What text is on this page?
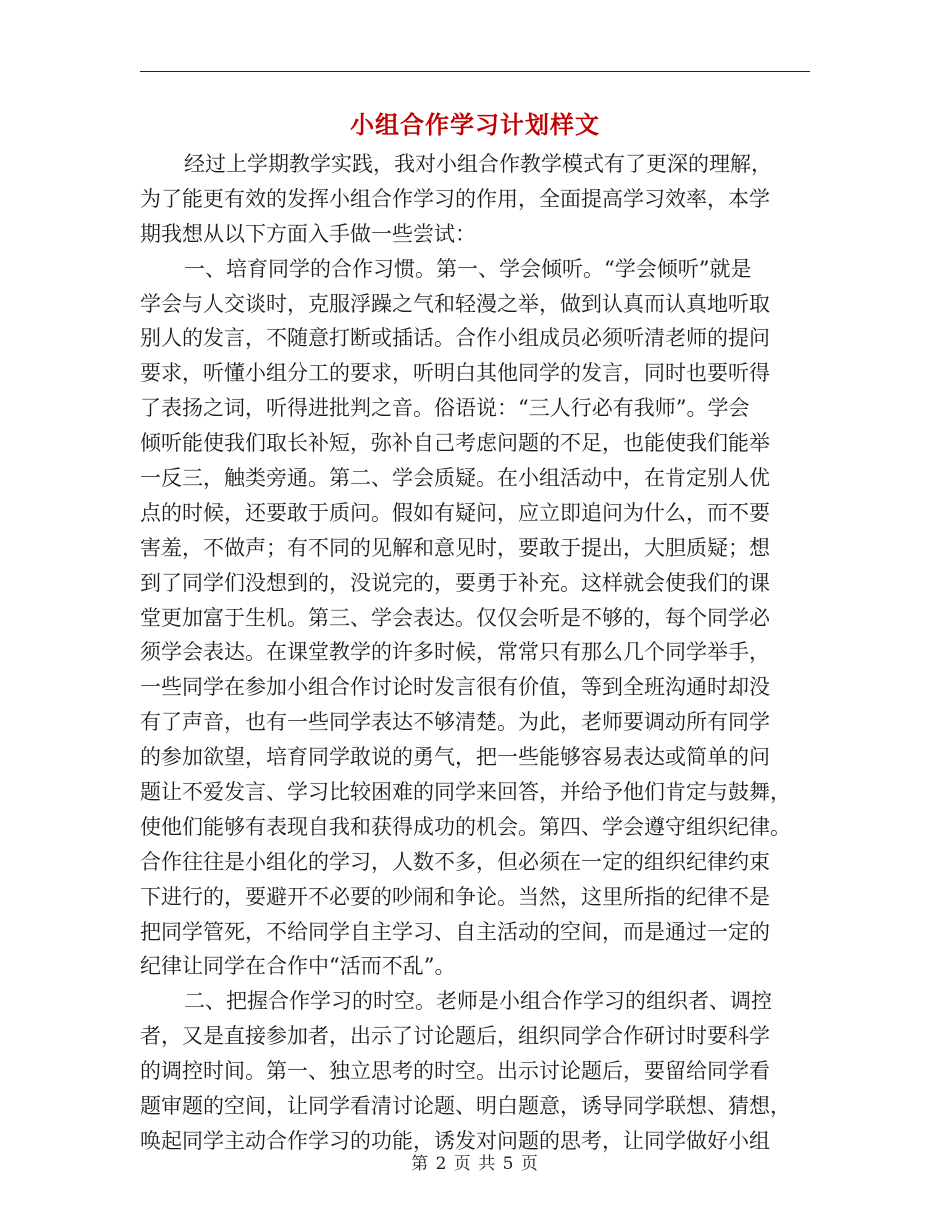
小组合作学习计划样文
经过上学期教学实践，我对小组合作教学模式有了更深的理解，
为了能更有效的发挥小组合作学习的作用，全面提高学习效率，本学
期我想从以下方面入手做一些尝试：
一、培育同学的合作习惯。第一、学会倾听。“学会倾听”就是
学会与人交谈时，克服浮躁之气和轻漫之举，做到认真而认真地听取
别人的发言，不随意打断或插话。合作小组成员必须听清老师的提问
要求，听懂小组分工的要求，听明白其他同学的发言，同时也要听得
了表扬之词，听得进批判之音。俗语说：“三人行必有我师”。学会
倾听能使我们取长补短，弥补自己考虑问题的不足，也能使我们能举
一反三，触类旁通。第二、学会质疑。在小组活动中，在肯定别人优
点的时候，还要敢于质问。假如有疑问，应立即追问为什么，而不要
害羞，不做声；有不同的见解和意见时，要敢于提出，大胆质疑；想
到了同学们没想到的，没说完的，要勇于补充。这样就会使我们的课
堂更加富于生机。第三、学会表达。仅仅会听是不够的，每个同学必
须学会表达。在课堂教学的许多时候，常常只有那么几个同学举手，
一些同学在参加小组合作讨论时发言很有价值，等到全班沟通时却没
有了声音，也有一些同学表达不够清楚。为此，老师要调动所有同学
的参加欲望，培育同学敢说的勇气，把一些能够容易表达或简单的问
题让不爱发言、学习比较困难的同学来回答，并给予他们肯定与鼓舞，
使他们能够有表现自我和获得成功的机会。第四、学会遵守组织纪律。
合作往往是小组化的学习，人数不多，但必须在一定的组织纪律约束
下进行的，要避开不必要的吵闹和争论。当然，这里所指的纪律不是
把同学管死，不给同学自主学习、自主活动的空间，而是通过一定的
纪律让同学在合作中“活而不乱”。
二、把握合作学习的时空。老师是小组合作学习的组织者、调控
者，又是直接参加者，出示了讨论题后，组织同学合作研讨时要科学
的调控时间。第一、独立思考的时空。出示讨论题后，要留给同学看
题审题的空间，让同学看清讨论题、明白题意，诱导同学联想、猜想，
唤起同学主动合作学习的功能，诱发对问题的思考，让同学做好小组
第 2 页 共 5 页
